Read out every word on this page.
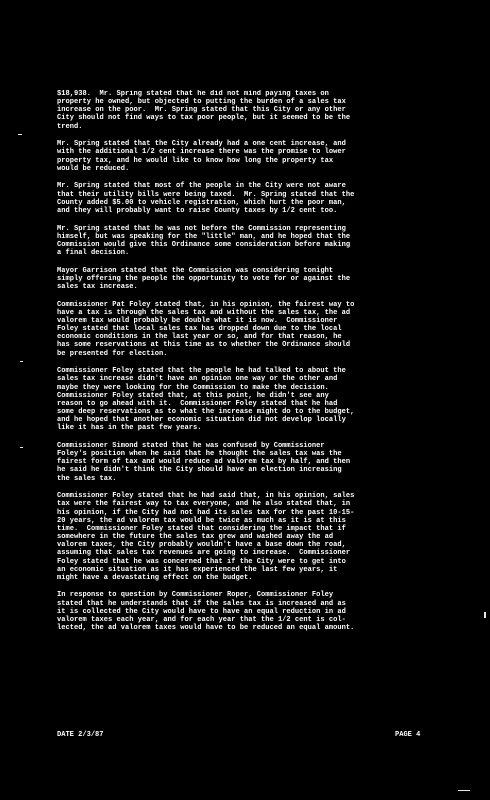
$18,938.  Mr. Spring stated that he did not mind paying taxes on
property he owned, but objected to putting the burden of a sales tax
increase on the poor.  Mr. Spring stated that this City or any other
City should not find ways to tax poor people, but it seemed to be the
trend.
Mr. Spring stated that the City already had a one cent increase, and
with the additional 1/2 cent increase there was the promise to lower
property tax, and he would like to know how long the property tax
would be reduced.
Mr. Spring stated that most of the people in the City were not aware
that their utility bills were being taxed.  Mr. Spring stated that the
County added $5.00 to vehicle registration, which hurt the poor man,
and they will probably want to raise County taxes by 1/2 cent too.
Mr. Spring stated that he was not before the Commission representing
himself, but was speaking for the "little" man, and he hoped that the
Commission would give this Ordinance some consideration before making
a final decision.
Mayor Garrison stated that the Commission was considering tonight
simply offering the people the opportunity to vote for or against the
sales tax increase.
Commissioner Pat Foley stated that, in his opinion, the fairest way to
have a tax is through the sales tax and without the sales tax, the ad
valorem tax would probably be double what it is now.  Commissioner
Foley stated that local sales tax has dropped down due to the local
economic conditions in the last year or so, and for that reason, he
has some reservations at this time as to whether the Ordinance should
be presented for election.
Commissioner Foley stated that the people he had talked to about the
sales tax increase didn't have an opinion one way or the other and
maybe they were looking for the Commission to make the decision.
Commissioner Foley stated that, at this point, he didn't see any
reason to go ahead with it.  Commissioner Foley stated that he had
some deep reservations as to what the increase might do to the budget,
and he hoped that another economic situation did not develop locally
like it has in the past few years.
Commissioner Simond stated that he was confused by Commissioner
Foley's position when he said that he thought the sales tax was the
fairest form of tax and would reduce ad valorem tax by half, and then
he said he didn't think the City should have an election increasing
the sales tax.
Commissioner Foley stated that he had said that, in his opinion, sales
tax were the fairest way to tax everyone, and he also stated that, in
his opinion, if the City had not had its sales tax for the past 10-15-
20 years, the ad valorem tax would be twice as much as it is at this
time.  Commissioner Foley stated that considering the impact that if
somewhere in the future the sales tax grew and washed away the ad
valorem taxes, the City probably wouldn't have a base down the road,
assuming that sales tax revenues are going to increase.  Commissioner
Foley stated that he was concerned that if the City were to get into
an economic situation as it has experienced the last few years, it
might have a devastating effect on the budget.
In response to question by Commissioner Roper, Commissioner Foley
stated that he understands that if the sales tax is increased and as
it is collected the City would have to have an equal reduction in ad
valorem taxes each year, and for each year that the 1/2 cent is col-
lected, the ad valorem taxes would have to be reduced an equal amount.

DATE 2/3/87

	PAGE 4
